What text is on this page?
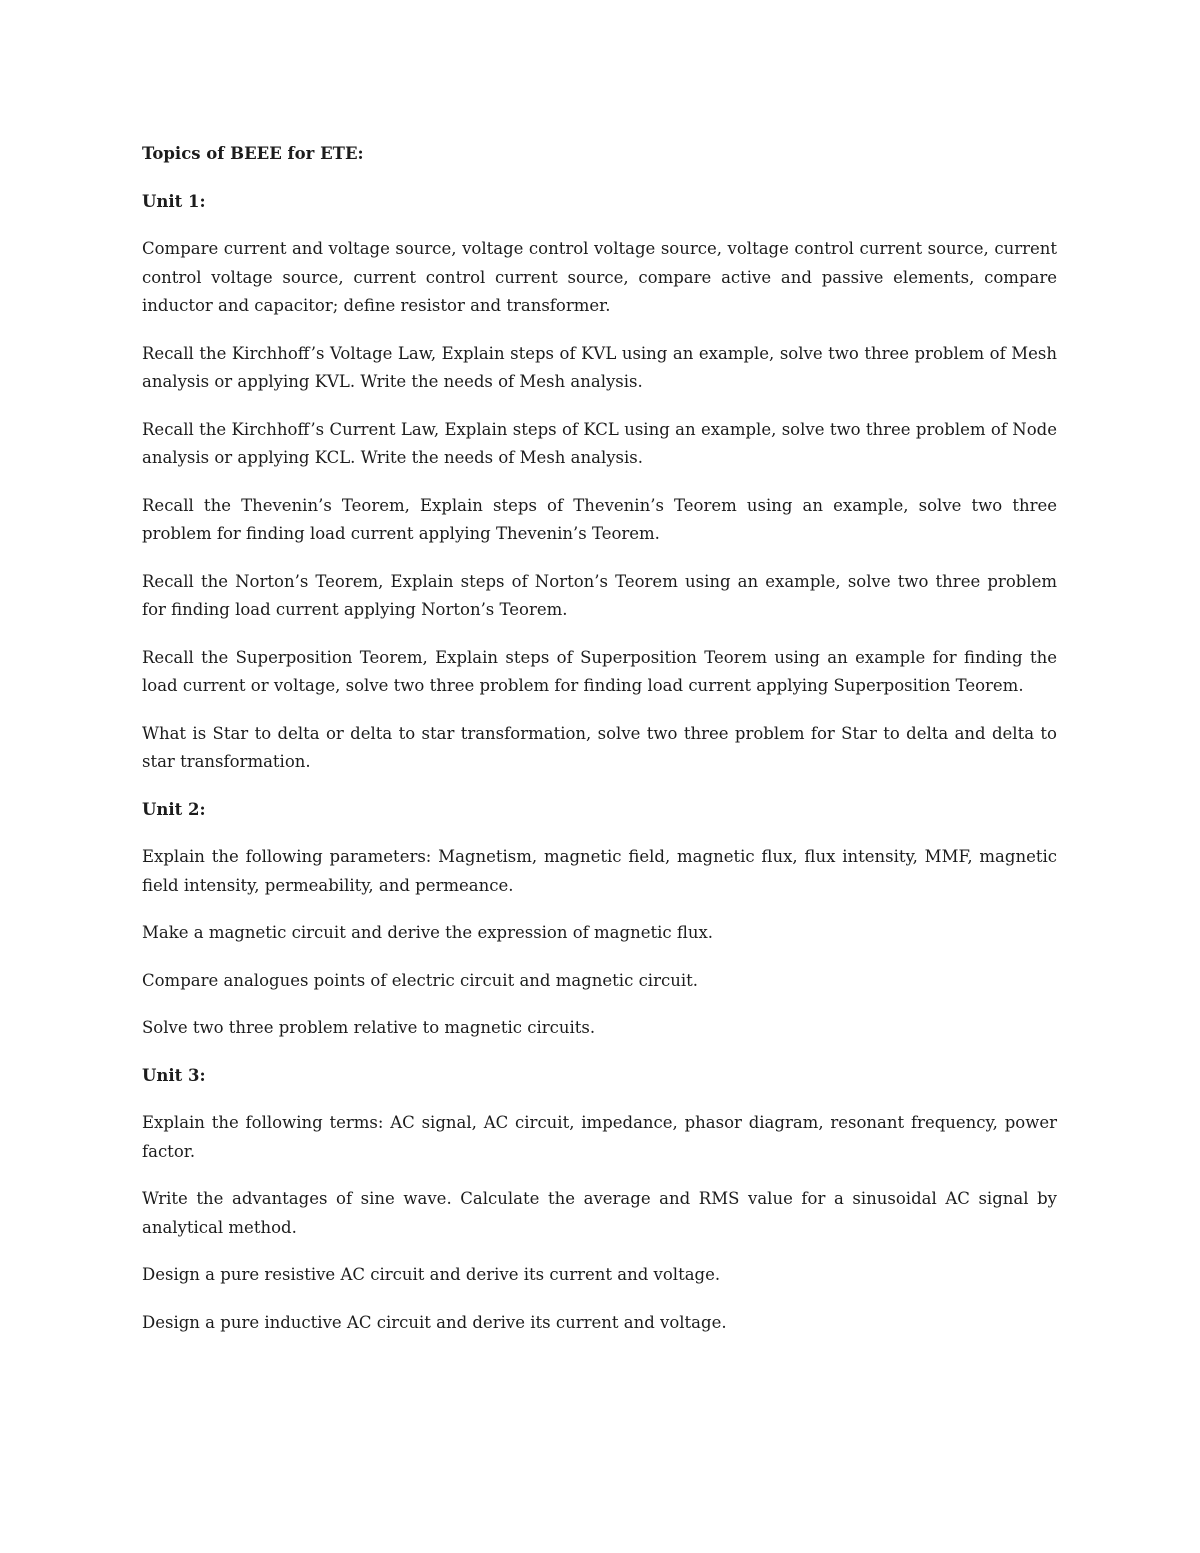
Topics of BEEE for ETE:
Unit 1:

Compare current and voltage source, voltage control voltage source, voltage control current source, current control voltage source, current control current source, compare active and passive elements, compare inductor and capacitor; define resistor and transformer.

Recall the Kirchhoff’s Voltage Law, Explain steps of KVL using an example, solve two three problem of Mesh analysis or applying KVL. Write the needs of Mesh analysis.

Recall the Kirchhoff’s Current Law, Explain steps of KCL using an example, solve two three problem of Node analysis or applying KCL. Write the needs of Mesh analysis.

Recall the Thevenin’s Teorem, Explain steps of Thevenin’s Teorem using an example, solve two three problem for finding load current applying Thevenin’s Teorem.

Recall the Norton’s Teorem, Explain steps of Norton’s Teorem using an example, solve two three problem for finding load current applying Norton’s Teorem.

Recall the Superposition Teorem, Explain steps of Superposition Teorem using an example for finding the load current or voltage, solve two three problem for finding load current applying Superposition Teorem.

What is Star to delta or delta to star transformation, solve two three problem for Star to delta and delta to star transformation.

Unit 2:

Explain the following parameters: Magnetism, magnetic field, magnetic flux, flux intensity, MMF, magnetic field intensity, permeability, and permeance.

Make a magnetic circuit and derive the expression of magnetic flux.

Compare analogues points of electric circuit and magnetic circuit.

Solve two three problem relative to magnetic circuits.

Unit 3:

Explain the following terms: AC signal, AC circuit, impedance, phasor diagram, resonant frequency, power factor.

Write the advantages of sine wave. Calculate the average and RMS value for a sinusoidal AC signal by analytical method.

Design a pure resistive AC circuit and derive its current and voltage.

Design a pure inductive AC circuit and derive its current and voltage.
